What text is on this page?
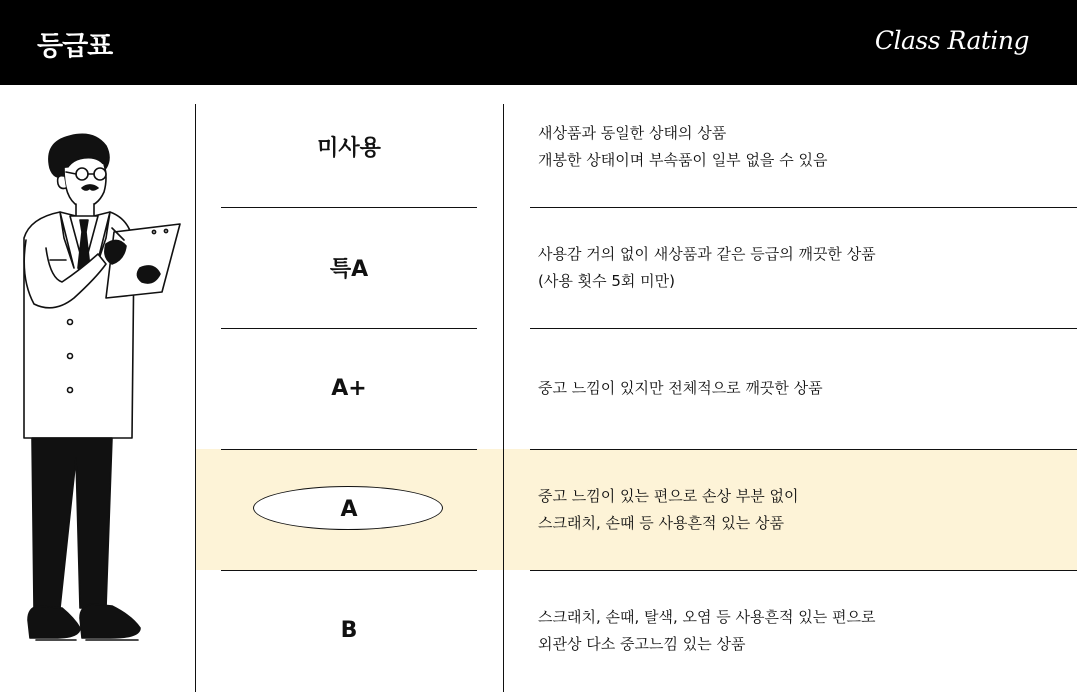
등급표	Class Rating
미사용
특A
A+
A
B
새상품과 동일한 상태의 상품
개봉한 상태이며 부속품이 일부 없을 수 있음
사용감 거의 없이 새상품과 같은 등급의 깨끗한 상품
(사용 횟수 5회 미만)
중고 느낌이 있지만 전체적으로 깨끗한 상품
중고 느낌이 있는 편으로 손상 부분 없이
스크래치, 손때 등 사용흔적 있는 상품
스크래치, 손때, 탈색, 오염 등 사용흔적 있는 편으로
외관상 다소 중고느낌 있는 상품
